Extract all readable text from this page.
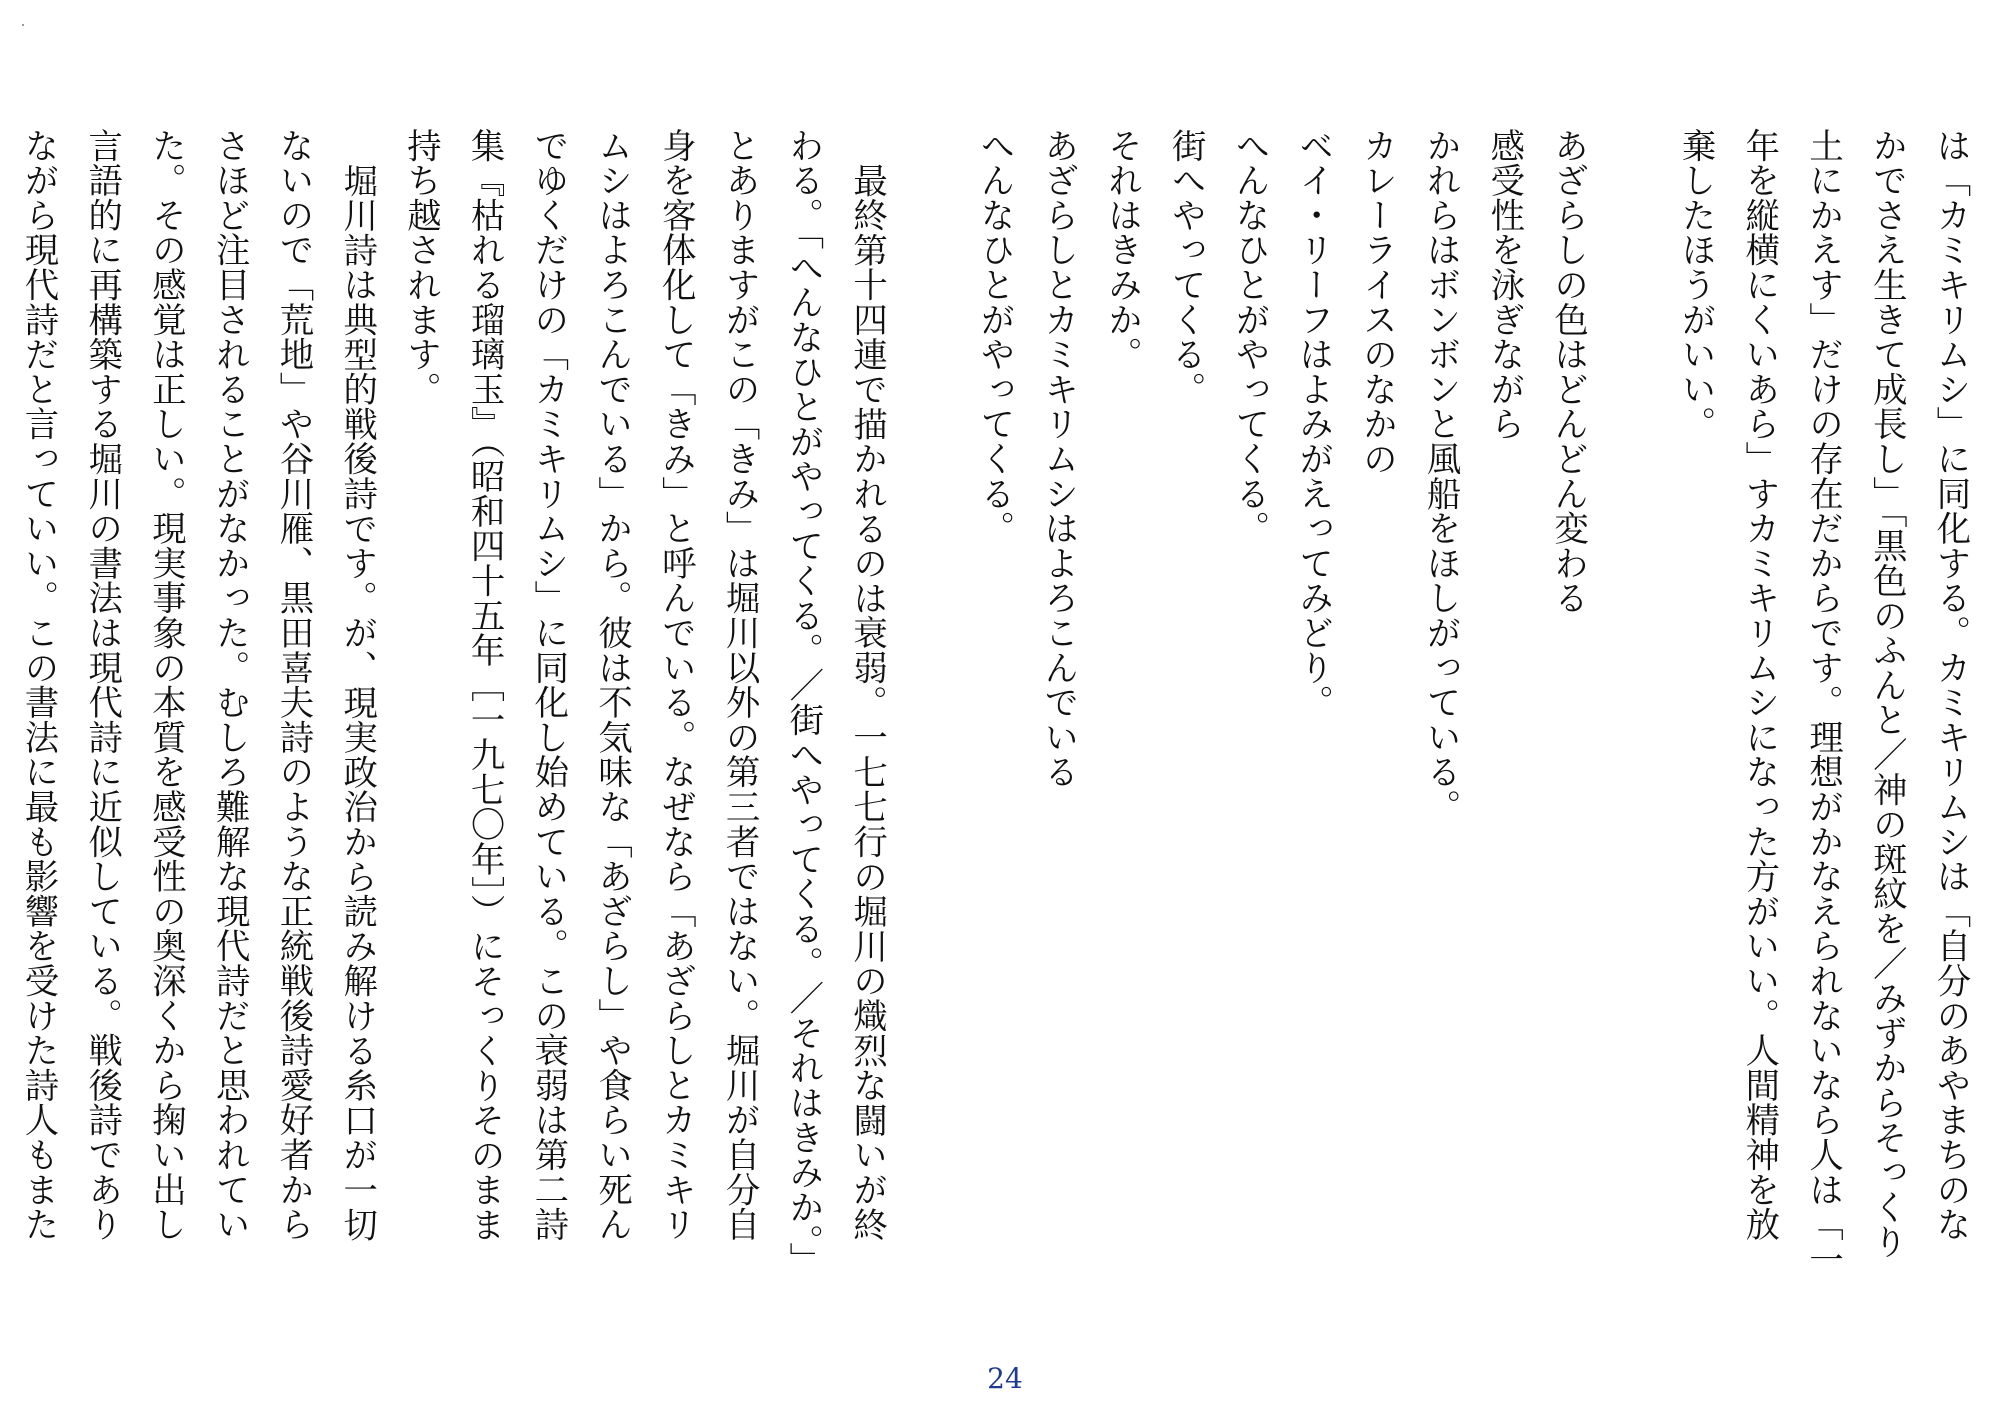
は「カミキリムシ」に同化する。カミキリムシは「自分のあやまちのな
かでさえ生きて成長し」「黒色のふんと／神の斑紋を／みずからそっくり
土にかえす」だけの存在だからです。理想がかなえられないなら人は「一
年を縦横にくいあら」すカミキリムシになった方がいい。人間精神を放
棄したほうがいい。
あざらしの色はどんどん変わる
感受性を泳ぎながら
かれらはボンボンと風船をほしがっている。
カレーライスのなかの
ベイ・リーフはよみがえってみどり。
へんなひとがやってくる。
街へやってくる。
それはきみか。
あざらしとカミキリムシはよろこんでいる
へんなひとがやってくる。
最終第十四連で描かれるのは衰弱。一七七行の堀川の熾烈な闘いが終
わる。「へんなひとがやってくる。／街へやってくる。／それはきみか。」
とありますがこの「きみ」は堀川以外の第三者ではない。堀川が自分自
身を客体化して「きみ」と呼んでいる。なぜなら「あざらしとカミキリ
ムシはよろこんでいる」から。彼は不気味な「あざらし」や食らい死ん
でゆくだけの「カミキリムシ」に同化し始めている。この衰弱は第二詩
集『枯れる瑠璃玉』（昭和四十五年［一九七〇年］）にそっくりそのまま
持ち越されます。
堀川詩は典型的戦後詩です。が、現実政治から読み解ける糸口が一切
ないので「荒地」や谷川雁、黒田喜夫詩のような正統戦後詩愛好者から
さほど注目されることがなかった。むしろ難解な現代詩だと思われてい
た。その感覚は正しい。現実事象の本質を感受性の奥深くから掬い出し
言語的に再構築する堀川の書法は現代詩に近似している。戦後詩であり
ながら現代詩だと言っていい。この書法に最も影響を受けた詩人もまた
24
